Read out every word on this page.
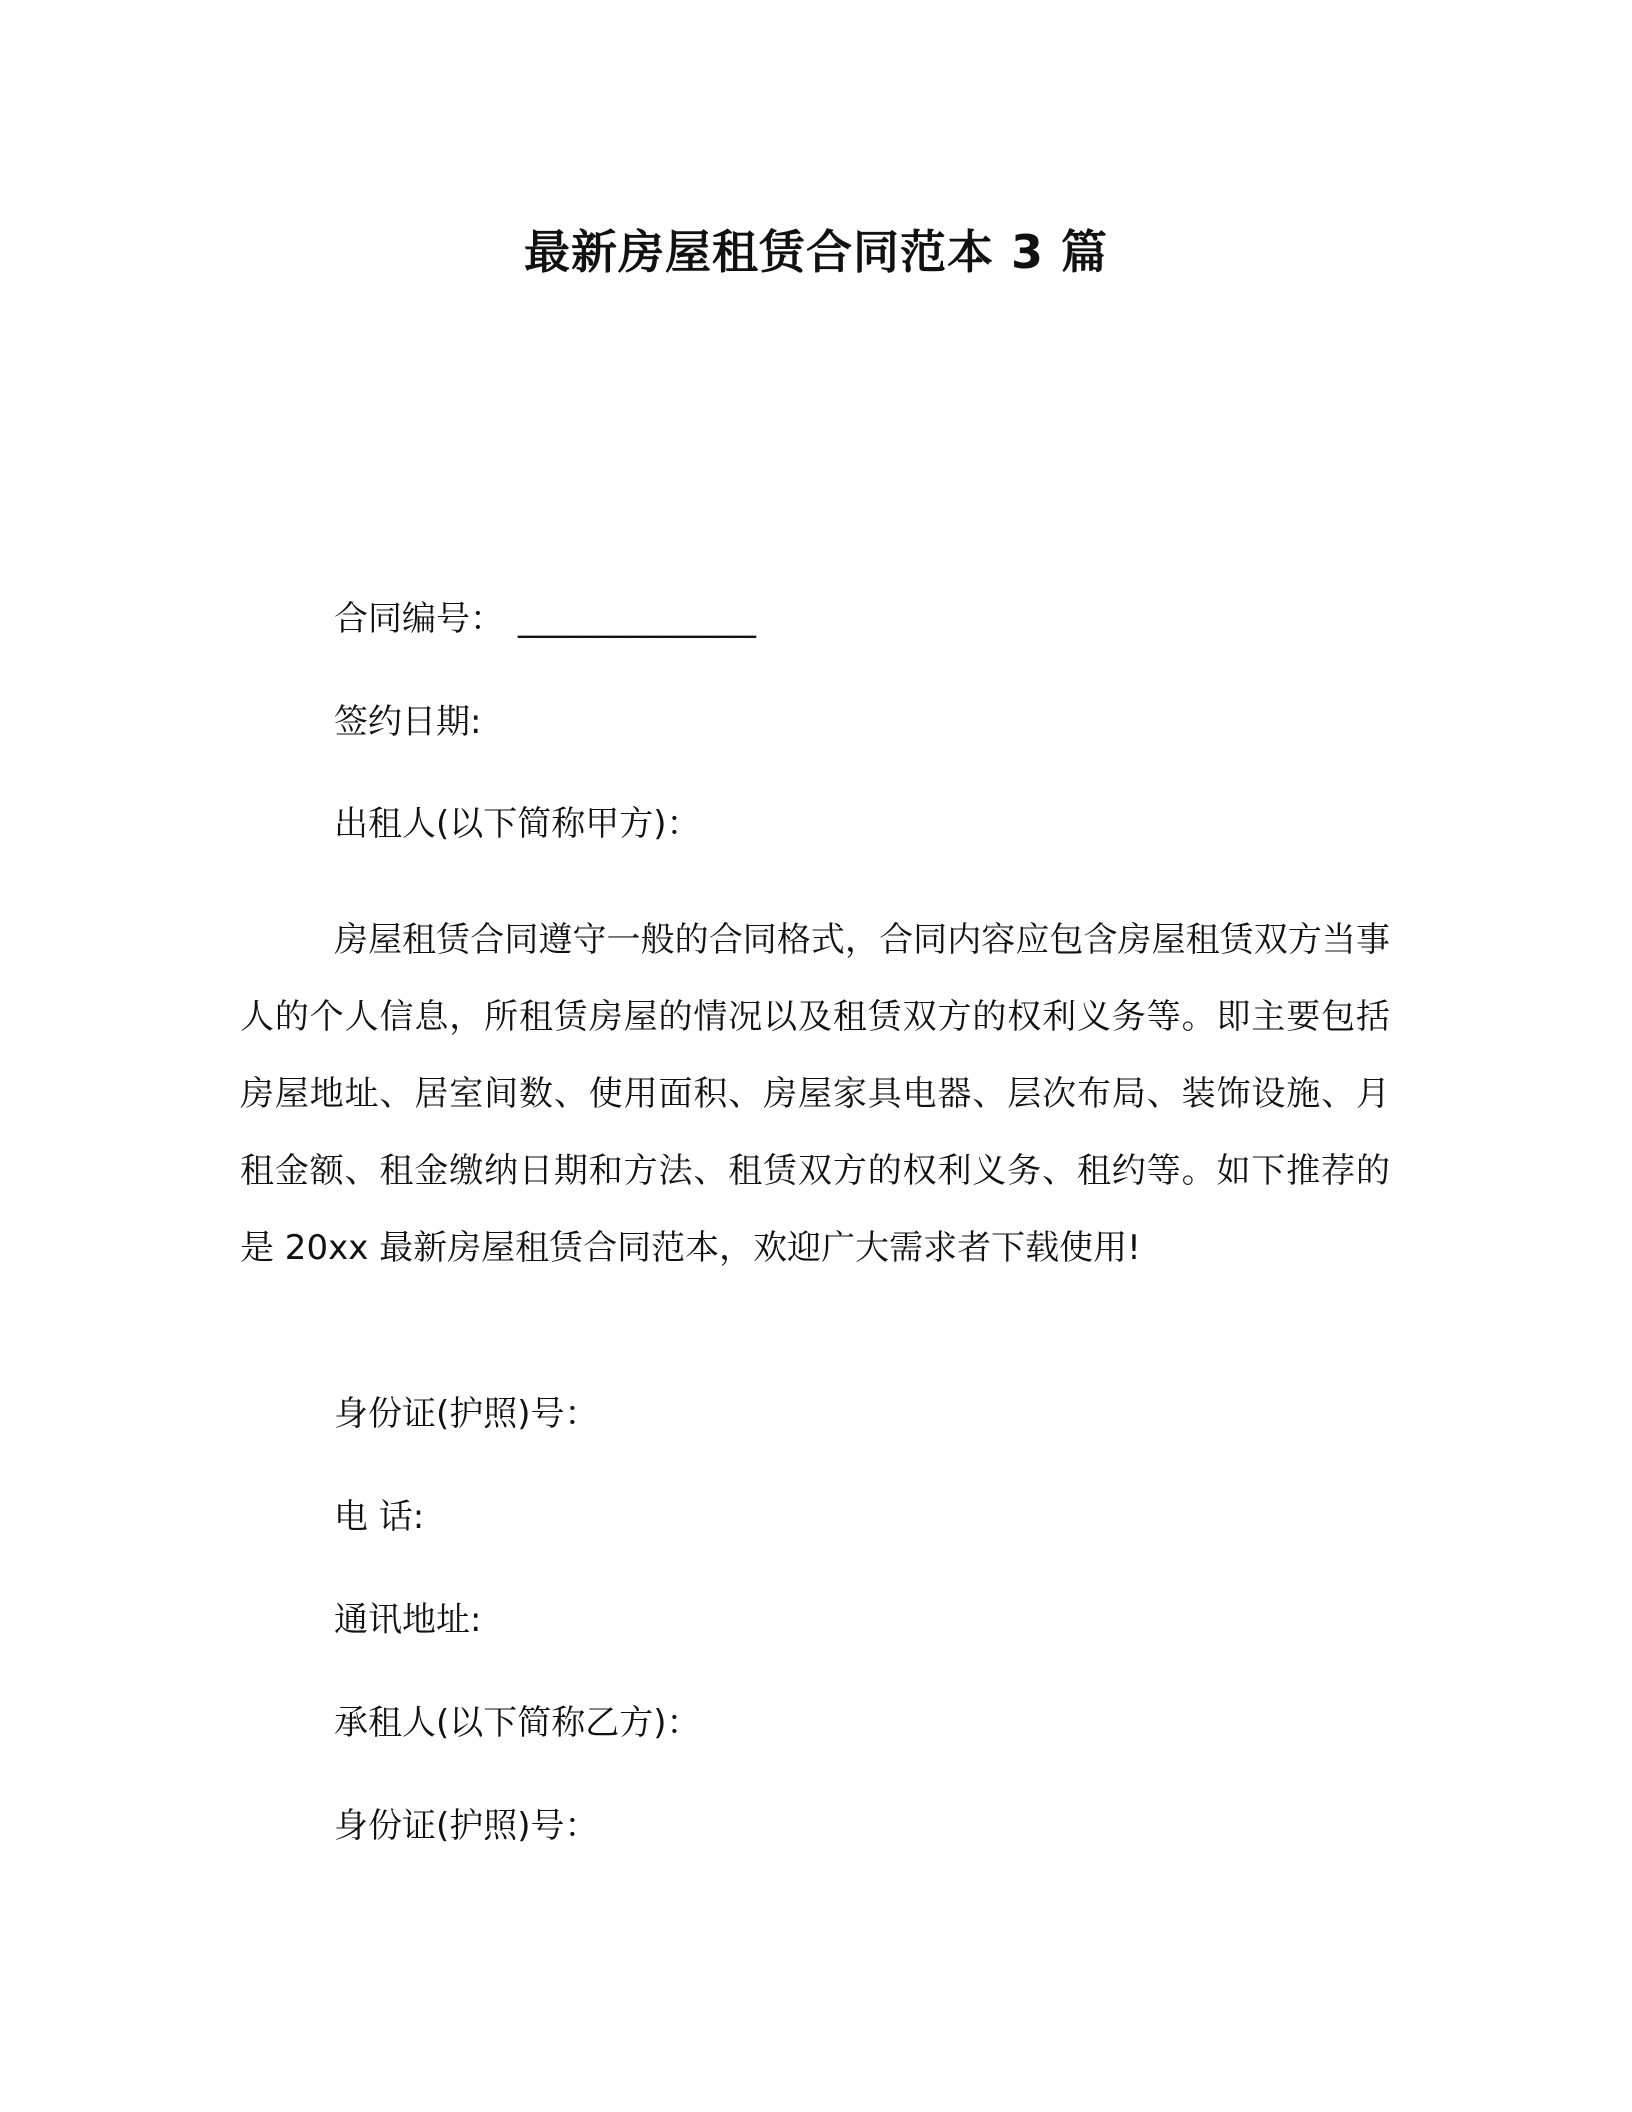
最新房屋租赁合同范本 3 篇
合同编号： ______________
签约日期:
出租人(以下简称甲方)：
房屋租赁合同遵守一般的合同格式，合同内容应包含房屋租赁双方当事人的个人信息，所租赁房屋的情况以及租赁双方的权利义务等。即主要包括房屋地址、居室间数、使用面积、房屋家具电器、层次布局、装饰设施、月租金额、租金缴纳日期和方法、租赁双方的权利义务、租约等。如下推荐的是 20xx 最新房屋租赁合同范本，欢迎广大需求者下载使用!
身份证(护照)号：
电 话:
通讯地址:
承租人(以下简称乙方)：
身份证(护照)号：
